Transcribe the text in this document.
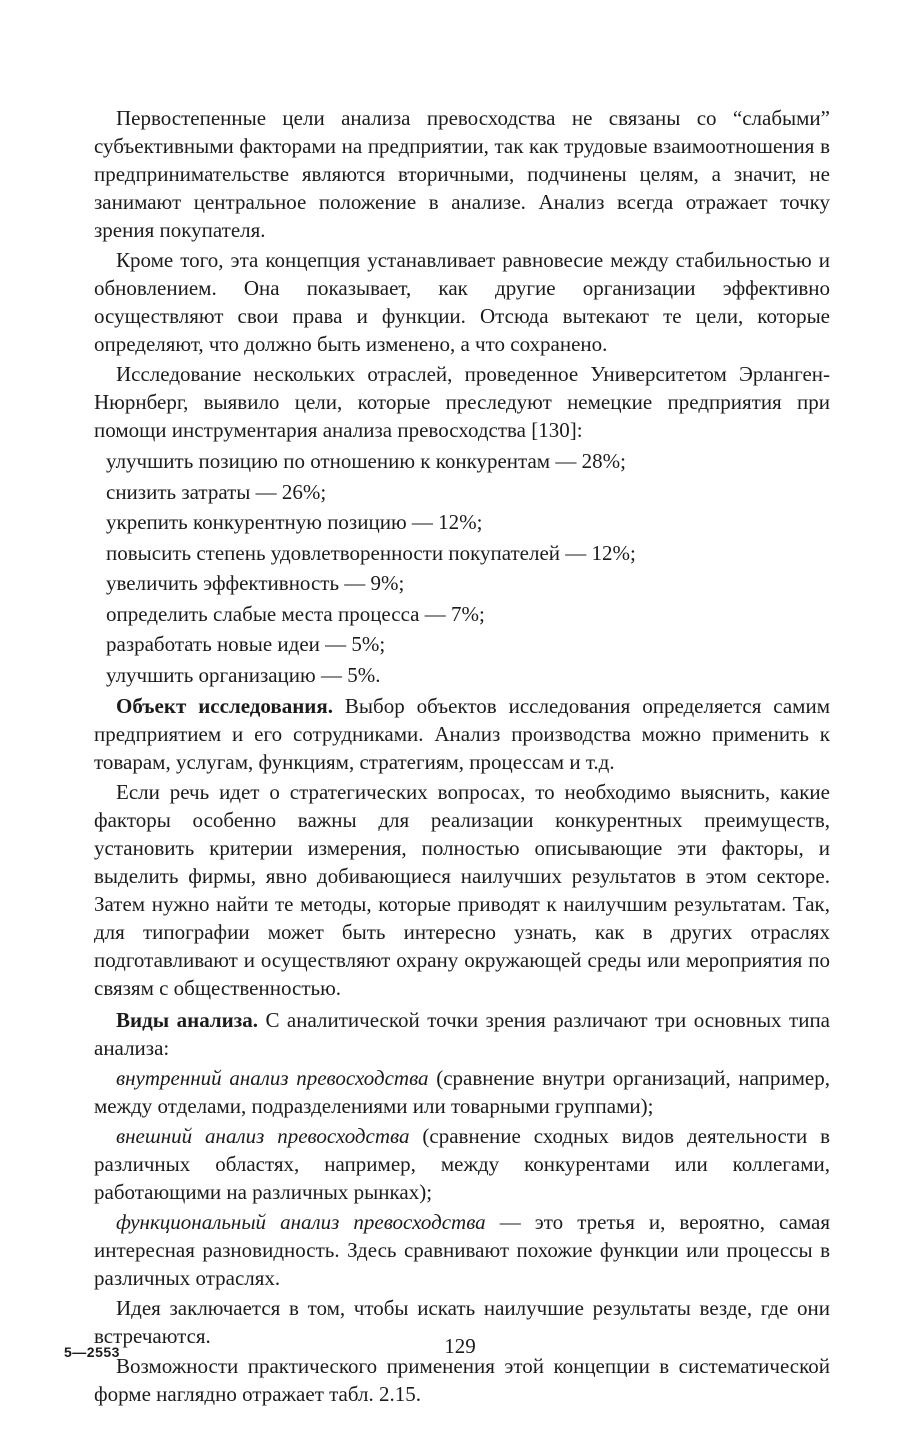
Первостепенные цели анализа превосходства не связаны со “слабыми” субъективными факторами на предприятии, так как трудовые взаимоотношения в предпринимательстве являются вторичными, подчинены целям, а значит, не занимают центральное положение в анализе. Анализ всегда отражает точку зрения покупателя.

Кроме того, эта концепция устанавливает равновесие между стабильностью и обновлением. Она показывает, как другие организации эффективно осуществляют свои права и функции. Отсюда вытекают те цели, которые определяют, что должно быть изменено, а что сохранено.

Исследование нескольких отраслей, проведенное Университетом Эрланген-Нюрнберг, выявило цели, которые преследуют немецкие предприятия при помощи инструментария анализа превосходства [130]:

улучшить позицию по отношению к конкурентам — 28%;
снизить затраты — 26%;
укрепить конкурентную позицию — 12%;
повысить степень удовлетворенности покупателей — 12%;
увеличить эффективность — 9%;
определить слабые места процесса — 7%;
разработать новые идеи — 5%;
улучшить организацию — 5%.

Объект исследования. Выбор объектов исследования определяется самим предприятием и его сотрудниками. Анализ производства можно применить к товарам, услугам, функциям, стратегиям, процессам и т.д.

Если речь идет о стратегических вопросах, то необходимо выяснить, какие факторы особенно важны для реализации конкурентных преимуществ, установить критерии измерения, полностью описывающие эти факторы, и выделить фирмы, явно добивающиеся наилучших результатов в этом секторе. Затем нужно найти те методы, которые приводят к наилучшим результатам. Так, для типографии может быть интересно узнать, как в других отраслях подготавливают и осуществляют охрану окружающей среды или мероприятия по связям с общественностью.

Виды анализа. С аналитической точки зрения различают три основных типа анализа:

внутренний анализ превосходства (сравнение внутри организаций, например, между отделами, подразделениями или товарными группами);

внешний анализ превосходства (сравнение сходных видов деятельности в различных областях, например, между конкурентами или коллегами, работающими на различных рынках);

функциональный анализ превосходства — это третья и, вероятно, самая интересная разновидность. Здесь сравнивают похожие функции или процессы в различных отраслях.

Идея заключается в том, чтобы искать наилучшие результаты везде, где они встречаются.

Возможности практического применения этой концепции в систематической форме наглядно отражает табл. 2.15.

5—2553	129
